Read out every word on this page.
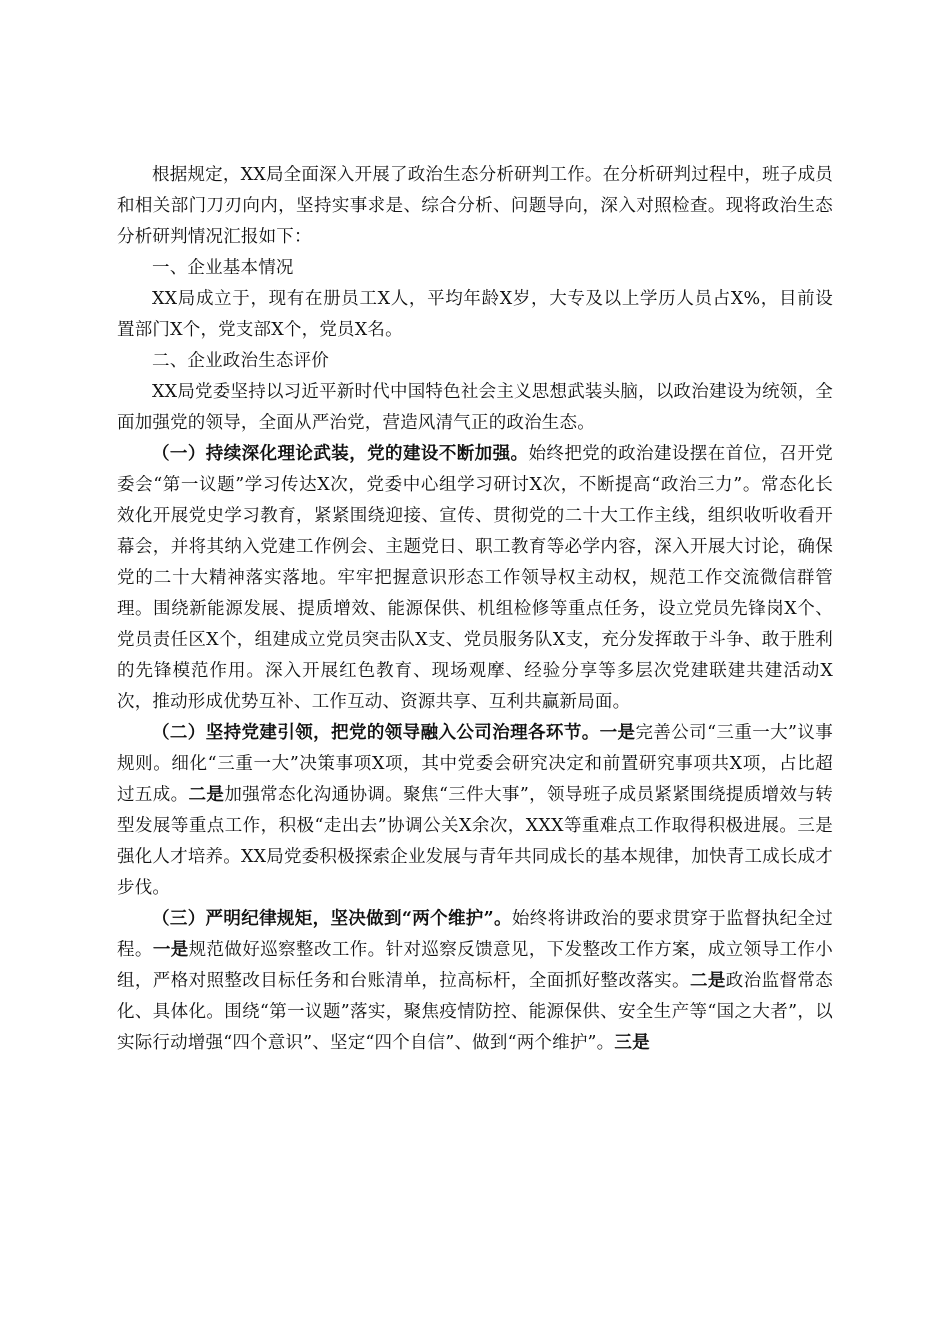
根据规定，XX局全面深入开展了政治生态分析研判工作。在分析研判过程中，班子成员和相关部门刀刃向内，坚持实事求是、综合分析、问题导向，深入对照检查。现将政治生态分析研判情况汇报如下：

一、企业基本情况

XX局成立于，现有在册员工X人，平均年龄X岁，大专及以上学历人员占X%，目前设置部门X个，党支部X个，党员X名。

二、企业政治生态评价

XX局党委坚持以习近平新时代中国特色社会主义思想武装头脑，以政治建设为统领，全面加强党的领导，全面从严治党，营造风清气正的政治生态。

（一）持续深化理论武装，党的建设不断加强。始终把党的政治建设摆在首位，召开党委会“第一议题”学习传达X次，党委中心组学习研讨X次，不断提高“政治三力”。常态化长效化开展党史学习教育，紧紧围绕迎接、宣传、贯彻党的二十大工作主线，组织收听收看开幕会，并将其纳入党建工作例会、主题党日、职工教育等必学内容，深入开展大讨论，确保党的二十大精神落实落地。牢牢把握意识形态工作领导权主动权，规范工作交流微信群管理。围绕新能源发展、提质增效、能源保供、机组检修等重点任务，设立党员先锋岗X个、党员责任区X个，组建成立党员突击队X支、党员服务队X支，充分发挥敢于斗争、敢于胜利的先锋模范作用。深入开展红色教育、现场观摩、经验分享等多层次党建联建共建活动X次，推动形成优势互补、工作互动、资源共享、互利共赢新局面。

（二）坚持党建引领，把党的领导融入公司治理各环节。一是完善公司“三重一大”议事规则。细化“三重一大”决策事项X项，其中党委会研究决定和前置研究事项共X项，占比超过五成。二是加强常态化沟通协调。聚焦“三件大事”，领导班子成员紧紧围绕提质增效与转型发展等重点工作，积极“走出去”协调公关X余次，XXX等重难点工作取得积极进展。三是强化人才培养。XX局党委积极探索企业发展与青年共同成长的基本规律，加快青工成长成才步伐。

（三）严明纪律规矩，坚决做到“两个维护”。始终将讲政治的要求贯穿于监督执纪全过程。一是规范做好巡察整改工作。针对巡察反馈意见，下发整改工作方案，成立领导工作小组，严格对照整改目标任务和台账清单，拉高标杆，全面抓好整改落实。二是政治监督常态化、具体化。围绕“第一议题”落实，聚焦疫情防控、能源保供、安全生产等“国之大者”，以实际行动增强“四个意识”、坚定“四个自信”、做到“两个维护”。三是
